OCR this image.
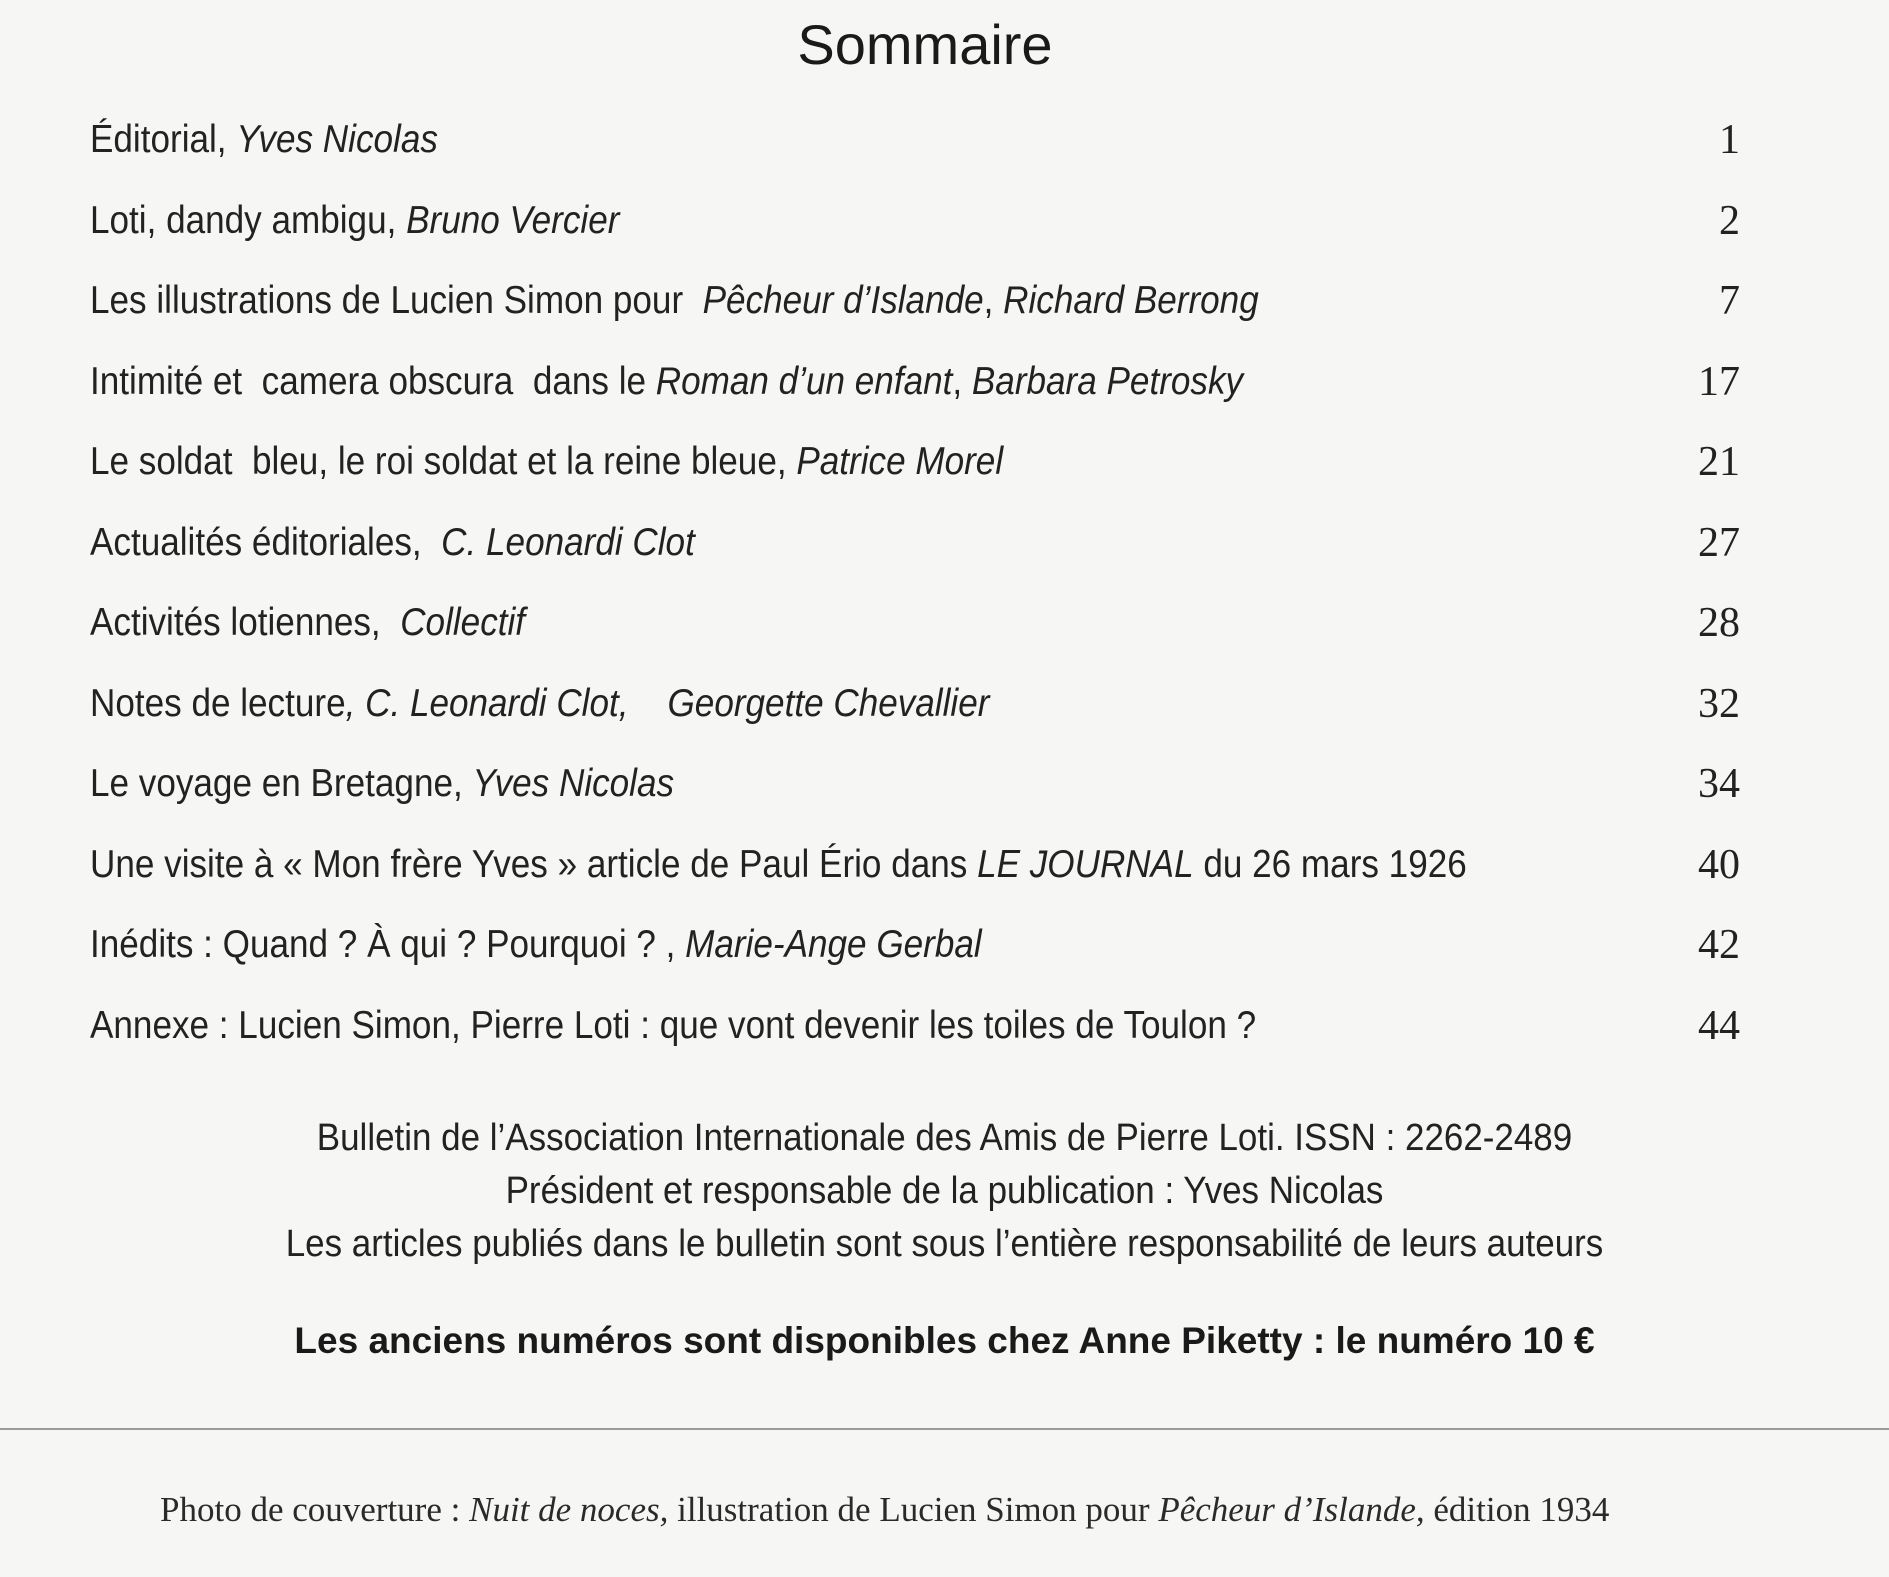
Sommaire
Éditorial, Yves Nicolas	1
Loti, dandy ambigu, Bruno Vercier	2
Les illustrations de Lucien Simon pour  Pêcheur d’Islande, Richard Berrong	7
Intimité et  camera obscura  dans le Roman d’un enfant, Barbara Petrosky	17
Le soldat  bleu, le roi soldat et la reine bleue, Patrice Morel	21
Actualités éditoriales,  C. Leonardi Clot	27
Activités lotiennes,  Collectif	28
Notes de lecture, C. Leonardi Clot,    Georgette Chevallier	32
Le voyage en Bretagne, Yves Nicolas	34
Une visite à « Mon frère Yves » article de Paul Ério dans LE JOURNAL du 26 mars 1926	40
Inédits : Quand ? À qui ? Pourquoi ? , Marie-Ange Gerbal	42
Annexe : Lucien Simon, Pierre Loti : que vont devenir les toiles de Toulon ?	44
Bulletin de l’Association Internationale des Amis de Pierre Loti. ISSN : 2262-2489
Président et responsable de la publication : Yves Nicolas
Les articles publiés dans le bulletin sont sous l’entière responsabilité de leurs auteurs
Les anciens numéros sont disponibles chez Anne Piketty : le numéro 10 €
Photo de couverture : Nuit de noces, illustration de Lucien Simon pour Pêcheur d’Islande, édition 1934
